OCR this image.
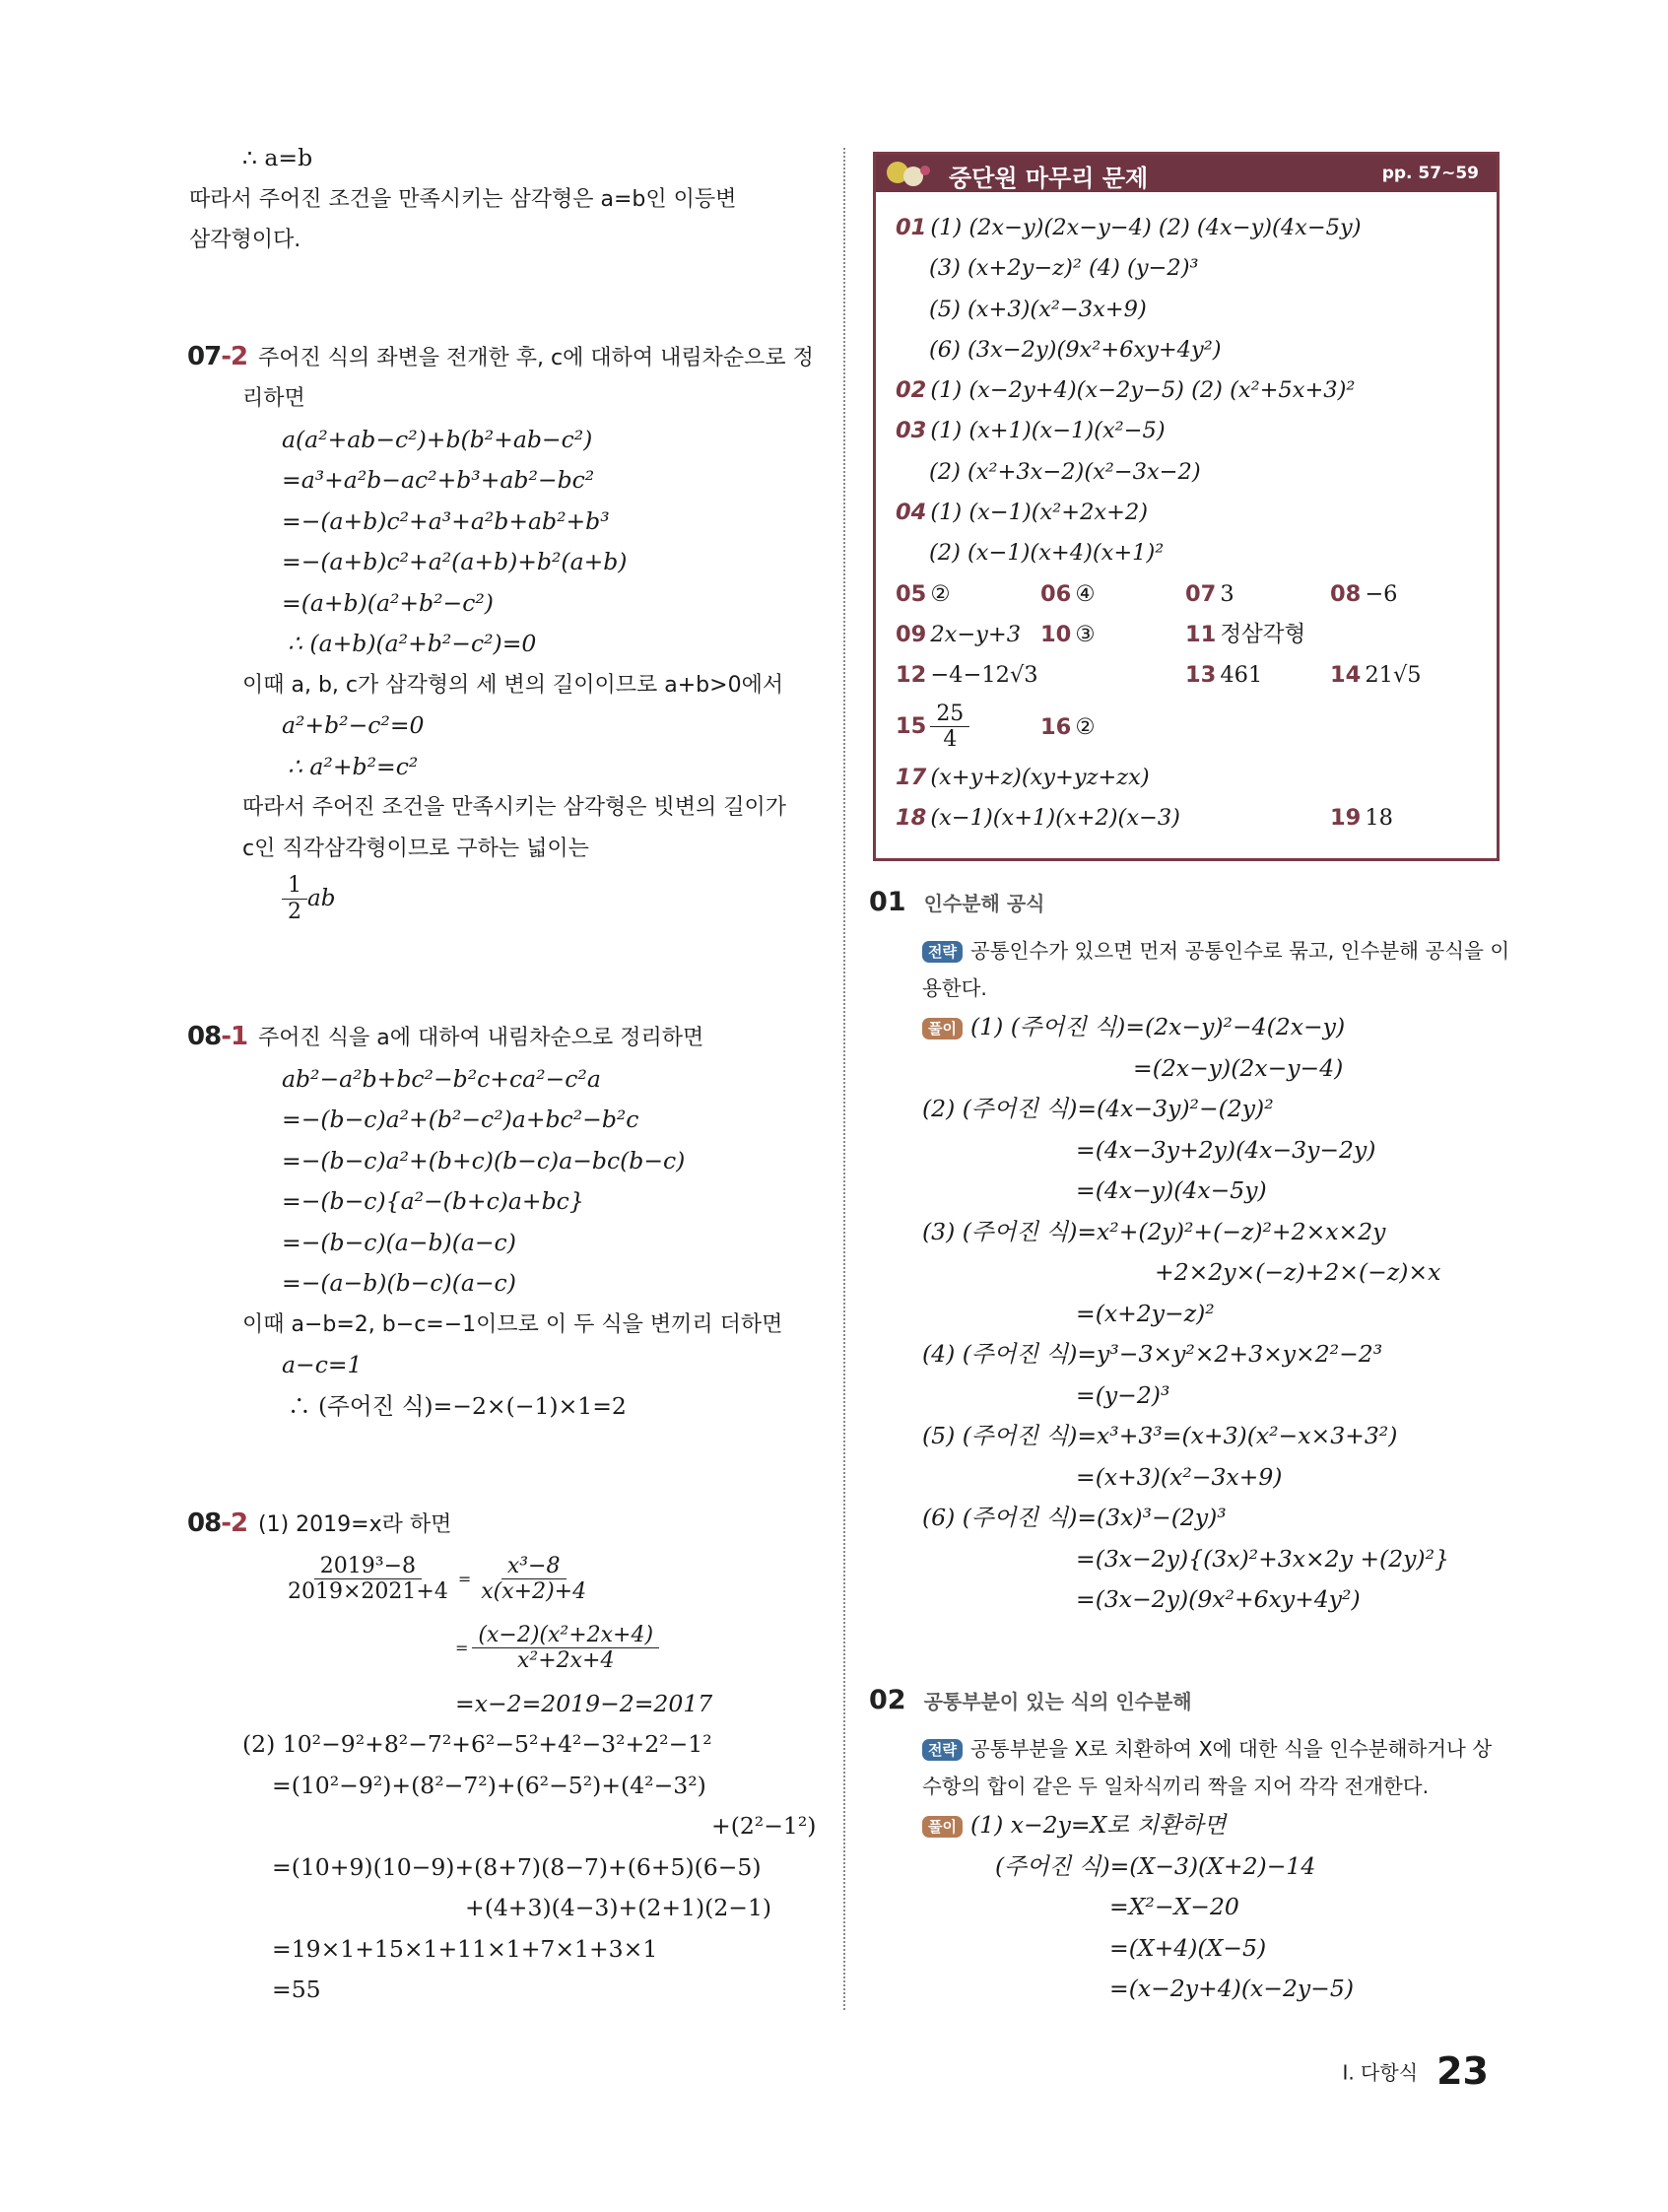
∴ a=b
따라서 주어진 조건을 만족시키는 삼각형은 a=b인 이등변
삼각형이다.
07-2 주어진 식의 좌변을 전개한 후, c에 대하여 내림차순으로 정
리하면
a(a²+ab−c²)+b(b²+ab−c²)
=a³+a²b−ac²+b³+ab²−bc²
=−(a+b)c²+a³+a²b+ab²+b³
=−(a+b)c²+a²(a+b)+b²(a+b)
=(a+b)(a²+b²−c²)
∴ (a+b)(a²+b²−c²)=0
이때 a, b, c가 삼각형의 세 변의 길이이므로 a+b>0에서
a²+b²−c²=0
∴ a²+b²=c²
따라서 주어진 조건을 만족시키는 삼각형은 빗변의 길이가
c인 직각삼각형이므로 구하는 넓이는
$\frac{1}{2}$ ab
08-1 주어진 식을 a에 대하여 내림차순으로 정리하면
ab²−a²b+bc²−b²c+ca²−c²a
=−(b−c)a²+(b²−c²)a+bc²−b²c
=−(b−c)a²+(b+c)(b−c)a−bc(b−c)
=−(b−c){a²−(b+c)a+bc}
=−(b−c)(a−b)(a−c)
=−(a−b)(b−c)(a−c)
이때 a−b=2, b−c=−1이므로 이 두 식을 변끼리 더하면
a−c=1
∴ (주어진 식)=−2×(−1)×1=2
08-2 (1) 2019=x라 하면
$\frac{\text{2019³−8}}{2019\times 2021+4} = \frac{\text{x³−8}}{x(x+2)+4}$
= $\frac{\text{(x−2)(x²+2x+4)}}{\text{x²+2x+4}}$
=x−2=2019−2=2017
(2) 10²−9²+8²−7²+6²−5²+4²−3²+2²−1²
=(10²−9²)+(8²−7²)+(6²−5²)+(4²−3²)
+(2²−1²)
=(10+9)(10−9)+(8+7)(8−7)+(6+5)(6−5)
+(4+3)(4−3)+(2+1)(2−1)
=19×1+15×1+11×1+7×1+3×1
=55
중단원 마무리 문제	pp. 57~59
01 (1) (2x−y)(2x−y−4) (2) (4x−y)(4x−5y)
(3) (x+2y−z)² (4) (y−2)³
(5) (x+3)(x²−3x+9)
(6) (3x−2y)(9x²+6xy+4y²)
02 (1) (x−2y+4)(x−2y−5) (2) (x²+5x+3)²
03 (1) (x+1)(x−1)(x²−5)
(2) (x²+3x−2)(x²−3x−2)
04 (1) (x−1)(x²+2x+2)
(2) (x−1)(x+4)(x+1)²
05 ②	06 ④	07 3	08 −6
09 2x−y+3 10 ③	11 정삼각형
12 −4−12√3	13 461	14 21√5
$15 \frac{25}{4}$	16 ②
17 (x+y+z)(xy+yz+zx)
18 (x−1)(x+1)(x+2)(x−3)	19 18
01 인수분해 공식
전략 공통인수가 있으면 먼저 공통인수로 묶고, 인수분해 공식을 이
용한다.
풀이 (1) (주어진 식)=(2x−y)²−4(2x−y)
=(2x−y)(2x−y−4)
(2) (주어진 식)=(4x−3y)²−(2y)²
=(4x−3y+2y)(4x−3y−2y)
=(4x−y)(4x−5y)
(3) (주어진 식)=x²+(2y)²+(−z)²+2×x×2y
+2×2y×(−z)+2×(−z)×x
=(x+2y−z)²
(4) (주어진 식)=y³−3×y²×2+3×y×2²−2³
=(y−2)³
(5) (주어진 식)=x³+3³=(x+3)(x²−x×3+3²)
=(x+3)(x²−3x+9)
(6) (주어진 식)=(3x)³−(2y)³
=(3x−2y){(3x)²+3x×2y +(2y)²}
=(3x−2y)(9x²+6xy+4y²)
02 공통부분이 있는 식의 인수분해
전략 공통부분을 X로 치환하여 X에 대한 식을 인수분해하거나 상
수항의 합이 같은 두 일차식끼리 짝을 지어 각각 전개한다.
풀이 (1) x−2y=X로 치환하면
(주어진 식)=(X−3)(X+2)−14
=X²−X−20
=(X+4)(X−5)
=(x−2y+4)(x−2y−5)
Ⅰ. 다항식 23
